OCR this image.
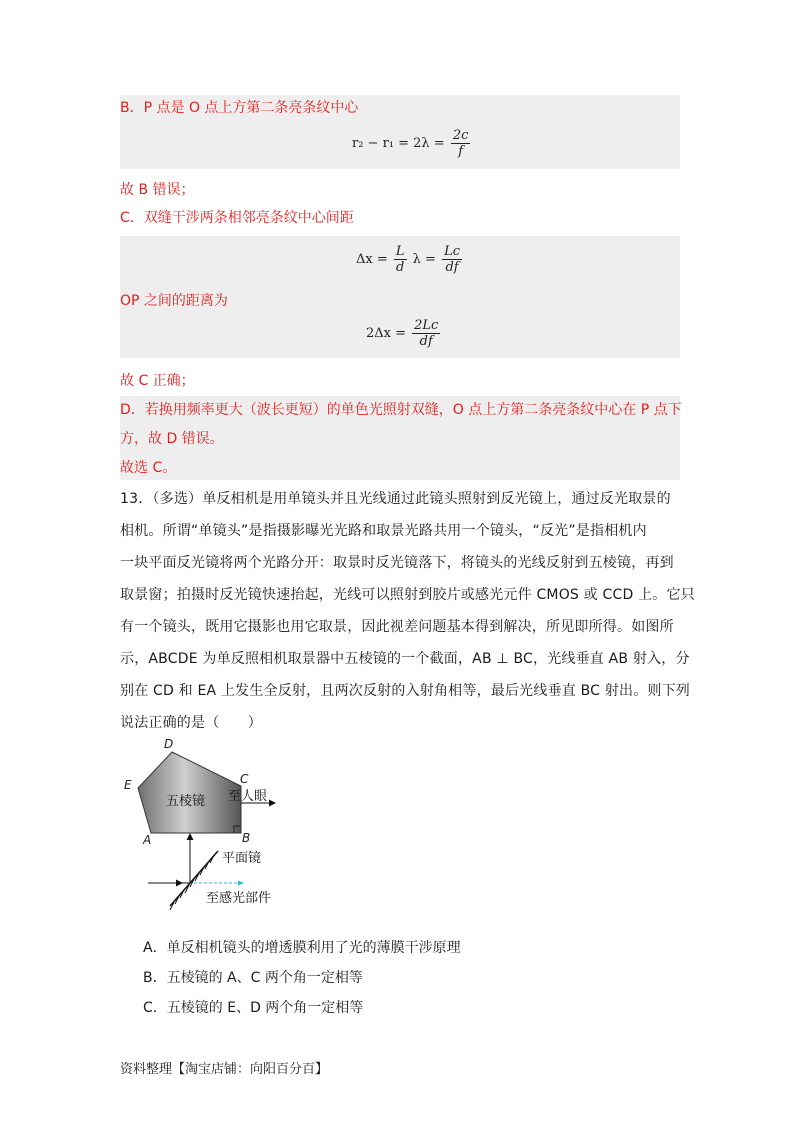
B．P 点是 O 点上方第二条亮条纹中心
$r_2 - r_1 = 2\lambda = \frac{2c}{f}$
故 B 错误；
C．双缝干涉两条相邻亮条纹中心间距
$\Delta x = \frac{L}{d}$ $\lambda = \frac{Lc}{df}$
OP 之间的距离为
$2\Delta x = \frac{2Lc}{df}$
故 C 正确；
D．若换用频率更大（波长更短）的单色光照射双缝，O 点上方第二条亮条纹中心在 P 点下
方，故 D 错误。
故选 C。
13．（多选）单反相机是用单镜头并且光线通过此镜头照射到反光镜上，通过反光取景的
相机。所谓“单镜头”是指摄影曝光光路和取景光路共用一个镜头，“反光”是指相机内
一块平面反光镜将两个光路分开：取景时反光镜落下，将镜头的光线反射到五棱镜，再到
取景窗；拍摄时反光镜快速抬起，光线可以照射到胶片或感光元件 CMOS 或 CCD 上。它只
有一个镜头，既用它摄影也用它取景，因此视差问题基本得到解决，所见即所得。如图所
示，ABCDE 为单反照相机取景器中五棱镜的一个截面，AB ⊥ BC，光线垂直 AB 射入，分
别在 CD 和 EA 上发生全反射，且两次反射的入射角相等，最后光线垂直 BC 射出。则下列
说法正确的是（　　）
D
C
E
A	B
五棱镜 至人眼
平面镜
至感光部件
A．单反相机镜头的增透膜利用了光的薄膜干涉原理
B．五棱镜的 A、C 两个角一定相等
C．五棱镜的 E、D 两个角一定相等
资料整理【淘宝店铺：向阳百分百】
